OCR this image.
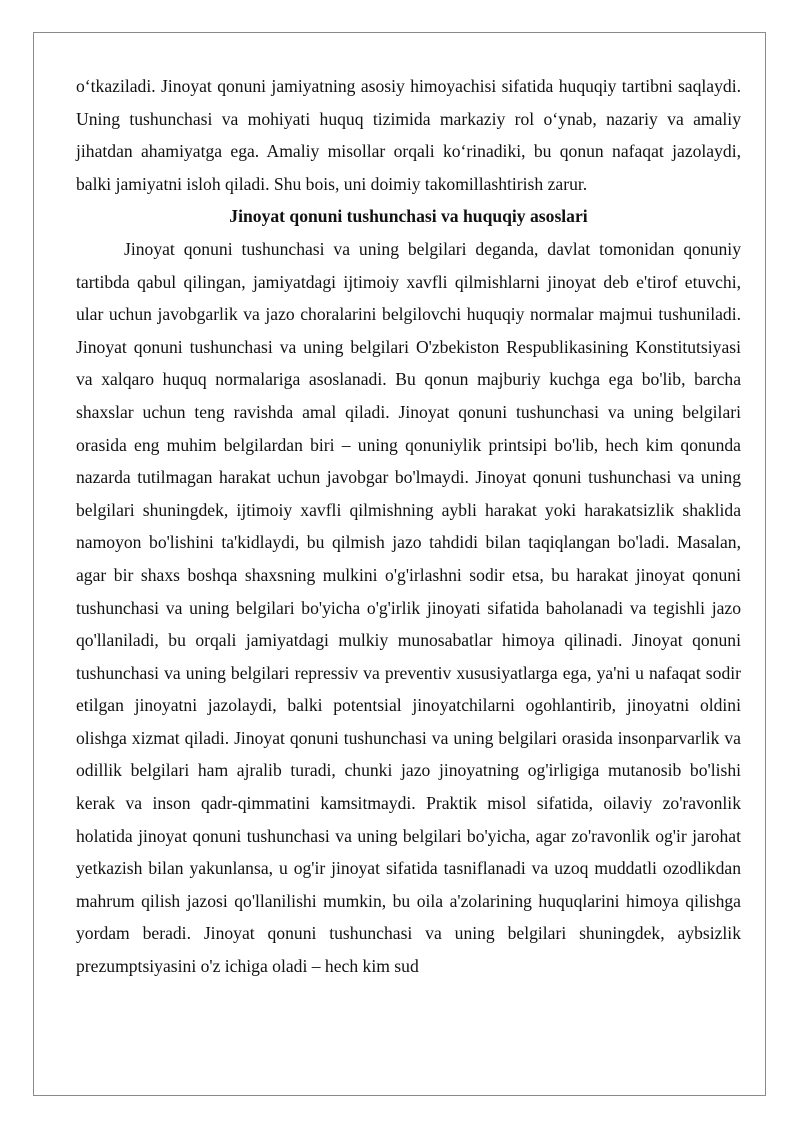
o‘tkaziladi. Jinoyat qonuni jamiyatning asosiy himoyachisi sifatida huquqiy tartibni saqlaydi. Uning tushunchasi va mohiyati huquq tizimida markaziy rol o‘ynab, nazariy va amaliy jihatdan ahamiyatga ega. Amaliy misollar orqali ko‘rinadiki, bu qonun nafaqat jazolaydi, balki jamiyatni isloh qiladi. Shu bois, uni doimiy takomillashtirish zarur.

Jinoyat qonuni tushunchasi va huquqiy asoslari

Jinoyat qonuni tushunchasi va uning belgilari deganda, davlat tomonidan qonuniy tartibda qabul qilingan, jamiyatdagi ijtimoiy xavfli qilmishlarni jinoyat deb e'tirof etuvchi, ular uchun javobgarlik va jazo choralarini belgilovchi huquqiy normalar majmui tushuniladi. Jinoyat qonuni tushunchasi va uning belgilari O'zbekiston Respublikasining Konstitutsiyasi va xalqaro huquq normalariga asoslanadi. Bu qonun majburiy kuchga ega bo'lib, barcha shaxslar uchun teng ravishda amal qiladi. Jinoyat qonuni tushunchasi va uning belgilari orasida eng muhim belgilardan biri – uning qonuniylik printsipi bo'lib, hech kim qonunda nazarda tutilmagan harakat uchun javobgar bo'lmaydi. Jinoyat qonuni tushunchasi va uning belgilari shuningdek, ijtimoiy xavfli qilmishning aybli harakat yoki harakatsizlik shaklida namoyon bo'lishini ta'kidlaydi, bu qilmish jazo tahdidi bilan taqiqlangan bo'ladi. Masalan, agar bir shaxs boshqa shaxsning mulkini o'g'irlashni sodir etsa, bu harakat jinoyat qonuni tushunchasi va uning belgilari bo'yicha o'g'irlik jinoyati sifatida baholanadi va tegishli jazo qo'llaniladi, bu orqali jamiyatdagi mulkiy munosabatlar himoya qilinadi. Jinoyat qonuni tushunchasi va uning belgilari repressiv va preventiv xususiyatlarga ega, ya'ni u nafaqat sodir etilgan jinoyatni jazolaydi, balki potentsial jinoyatchilarni ogohlantirib, jinoyatni oldini olishga xizmat qiladi. Jinoyat qonuni tushunchasi va uning belgilari orasida insonparvarlik va odillik belgilari ham ajralib turadi, chunki jazo jinoyatning og'irligiga mutanosib bo'lishi kerak va inson qadr-qimmatini kamsitmaydi. Praktik misol sifatida, oilaviy zo'ravonlik holatida jinoyat qonuni tushunchasi va uning belgilari bo'yicha, agar zo'ravonlik og'ir jarohat yetkazish bilan yakunlansa, u og'ir jinoyat sifatida tasniflanadi va uzoq muddatli ozodlikdan mahrum qilish jazosi qo'llanilishi mumkin, bu oila a'zolarining huquqlarini himoya qilishga yordam beradi. Jinoyat qonuni tushunchasi va uning belgilari shuningdek, aybsizlik prezumptsiyasini o'z ichiga oladi – hech kim sud
